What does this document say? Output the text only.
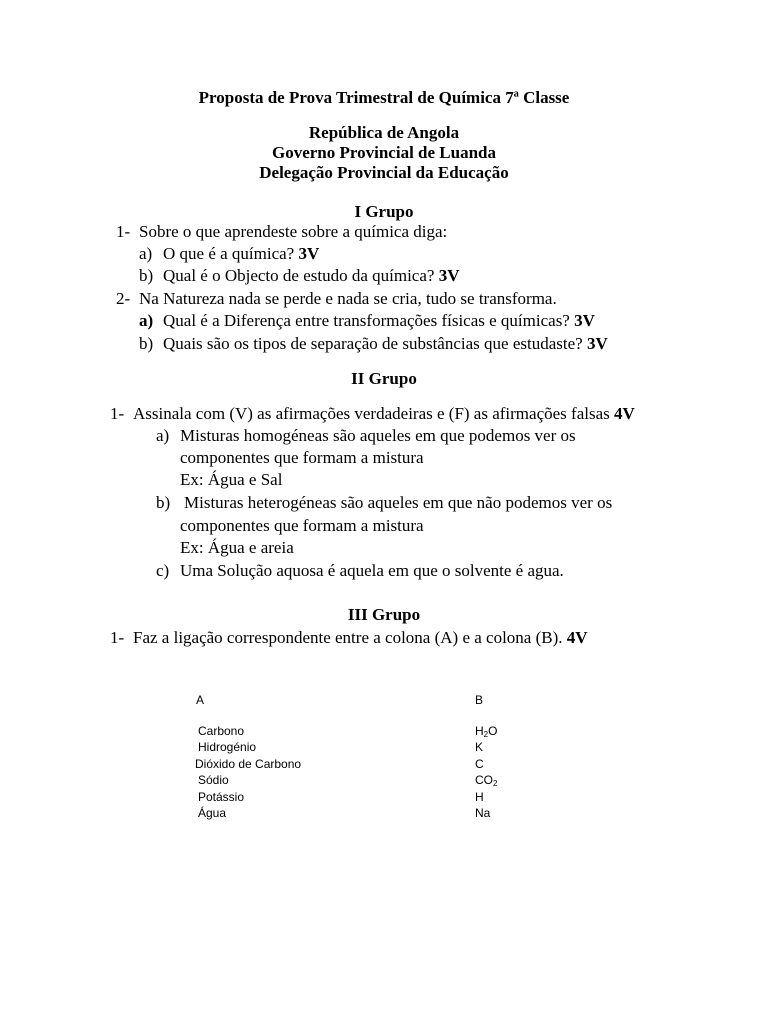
Proposta de Prova Trimestral de Química 7ª Classe
República de Angola
Governo Provincial de Luanda
Delegação Provincial da Educação
I Grupo
1- Sobre o que aprendeste sobre a química diga:
a) O que é a química? 3V
b) Qual é o Objecto de estudo da química? 3V
2- Na Natureza nada se perde e nada se cria, tudo se transforma.
a) Qual é a Diferença entre transformações físicas e químicas? 3V
b) Quais são os tipos de separação de substâncias que estudaste? 3V
II Grupo
1- Assinala com (V) as afirmações verdadeiras e (F) as afirmações falsas 4V
a) Misturas homogéneas são aqueles em que podemos ver os
componentes que formam a mistura
Ex: Água e Sal
b) Misturas heterogéneas são aqueles em que não podemos ver os
componentes que formam a mistura
Ex: Água e areia
c) Uma Solução aquosa é aquela em que o solvente é agua.
III Grupo
1- Faz a ligação correspondente entre a colona (A) e a colona (B). 4V
A	B
Carbono
Hidrogénio
Dióxido de Carbono
Sódio
Potássio
Água
$H_2O$
K
C
$CO_2$
H
Na
